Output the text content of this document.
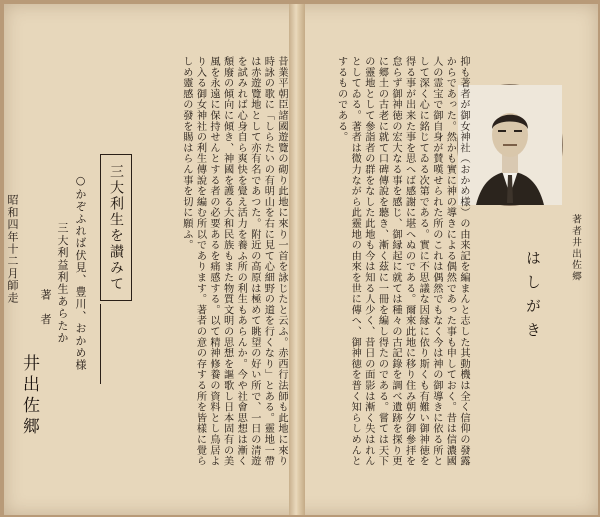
はしがき
著者井出佐郷

抑も著者が御女神社（おかめ様）の由来記を編まんと志した其動機は全く信仰の發露からであった。然かも實に神の導きによる偶然であった事も申しておく。昔は信濃國人の霊宝で御自身が賛嘆せられた所のこれは偶然でもなく今は神の御導きに依る所として深く心に銘じてゐる次第である。實に不思議な因縁に依り斯くも有難い御神徳を得る事が出来た事を思へば感謝に堪へぬのである。爾來此地に移り住み朝夕御參拝を怠らず御神徳の宏大なる事を感じ、御縁起に就ては種々の古記錄を調べ遺跡を探り更に郷土の古老に就て口碑傳說を聽き、漸く茲に一冊を編し得たのである。嘗ては天下の靈地として參詣者の群をなした此地も今は知る人少く、昔日の面影は漸く失はれんとしてゐる。著者は微力ながら此靈地の由來を世に傳へ、御神徳を普く知らしめんとするものである。

昔業平朝臣諸國遊覽の砌り此地に來り一首を詠じたと云ふ。赤西行法師も此地に來り時詠の歌に「しらたいの有明山を右に見て心細野の道を行くなり」とある。靈地一帶は赤遊覽地として亦有名であつた。附近の高原は極めて眺望の好い所で、一日の清遊を試みれば心身自ら爽快を覺え活力を養ふ所の利生もあらんか。今や社會思想は漸く頽廢の傾向に傾き、神國を護る大和民族もまた物質文明の思想を謳歌し日本固有の美風を永遠に保持せんとする者の必要あるを痛感する。以て精神修養の資料とし鳥居より入る御女神社の利生傳說を編む所以であります。著者の意の存する所を皆樣に覺らしめ靈感の發を賜はらん事を切に願ふ。

三大利生を讃みて
○かぞふれば伏見、豊川、おかめ様
三大利益利生あらたか
著　者
井出佐郷
昭和四年十二月師走
